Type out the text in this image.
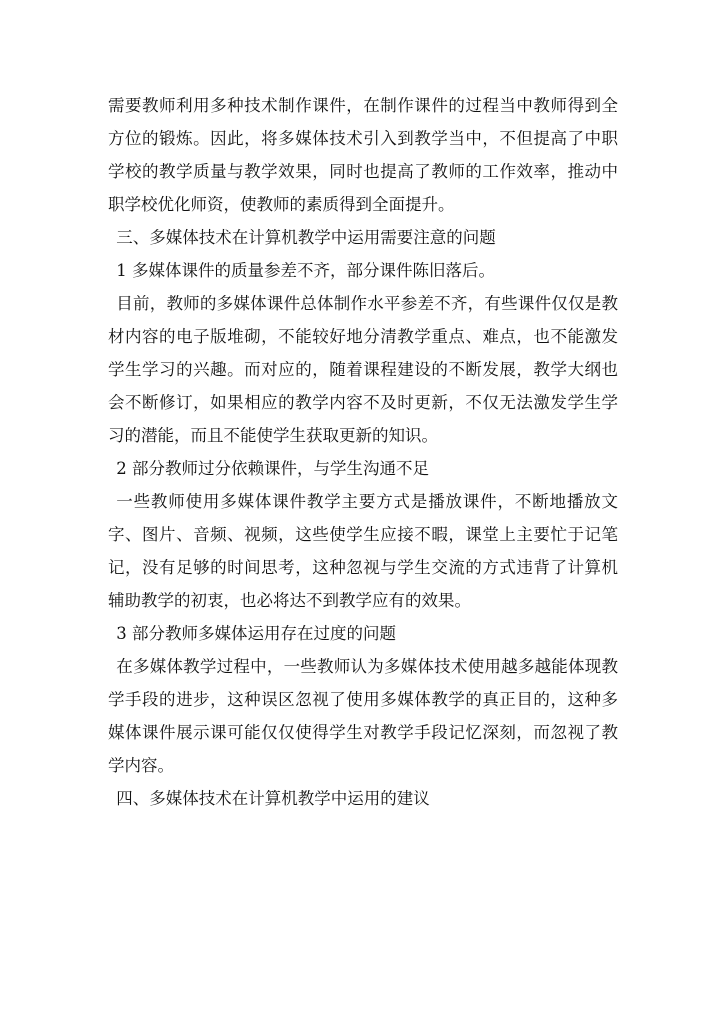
需要教师利用多种技术制作课件，在制作课件的过程当中教师得到全方位的锻炼。因此，将多媒体技术引入到教学当中，不但提高了中职学校的教学质量与教学效果，同时也提高了教师的工作效率，推动中职学校优化师资，使教师的素质得到全面提升。

三、多媒体技术在计算机教学中运用需要注意的问题

1 多媒体课件的质量参差不齐，部分课件陈旧落后。

目前，教师的多媒体课件总体制作水平参差不齐，有些课件仅仅是教材内容的电子版堆砌，不能较好地分清教学重点、难点，也不能激发学生学习的兴趣。而对应的，随着课程建设的不断发展，教学大纲也会不断修订，如果相应的教学内容不及时更新，不仅无法激发学生学习的潜能，而且不能使学生获取更新的知识。

2 部分教师过分依赖课件，与学生沟通不足

一些教师使用多媒体课件教学主要方式是播放课件，不断地播放文字、图片、音频、视频，这些使学生应接不暇，课堂上主要忙于记笔记，没有足够的时间思考，这种忽视与学生交流的方式违背了计算机辅助教学的初衷，也必将达不到教学应有的效果。

3 部分教师多媒体运用存在过度的问题

在多媒体教学过程中，一些教师认为多媒体技术使用越多越能体现教学手段的进步，这种误区忽视了使用多媒体教学的真正目的，这种多媒体课件展示课可能仅仅使得学生对教学手段记忆深刻，而忽视了教学内容。

四、多媒体技术在计算机教学中运用的建议
